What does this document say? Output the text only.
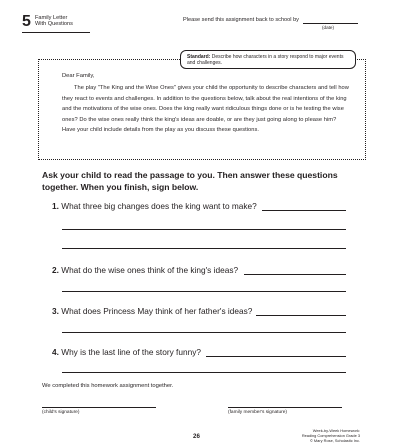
5 Family Letter
With Questions
Please send this assignment back to school by
(date)
Standard: Describe how characters in a story respond to major events and challenges.
Dear Family,
The play "The King and the Wise Ones" gives your child the opportunity to describe characters and tell how they react to events and challenges. In addition to the questions below, talk about the real intentions of the king and the motivations of the wise ones. Does the king really want ridiculous things done or is he testing the wise ones? Do the wise ones really think the king's ideas are doable, or are they just going along to please him? Have your child include details from the play as you discuss these questions.
Ask your child to read the passage to you. Then answer these questions together. When you finish, sign below.
1. What three big changes does the king want to make?
2. What do the wise ones think of the king's ideas?
3. What does Princess May think of her father's ideas?
4. Why is the last line of the story funny?
We completed this homework assignment together.
(child's signature)	(family member's signature)
26
Week-by-Week Homework: Reading Comprehension Grade 3
© Mary Rose, Scholastic Inc.
